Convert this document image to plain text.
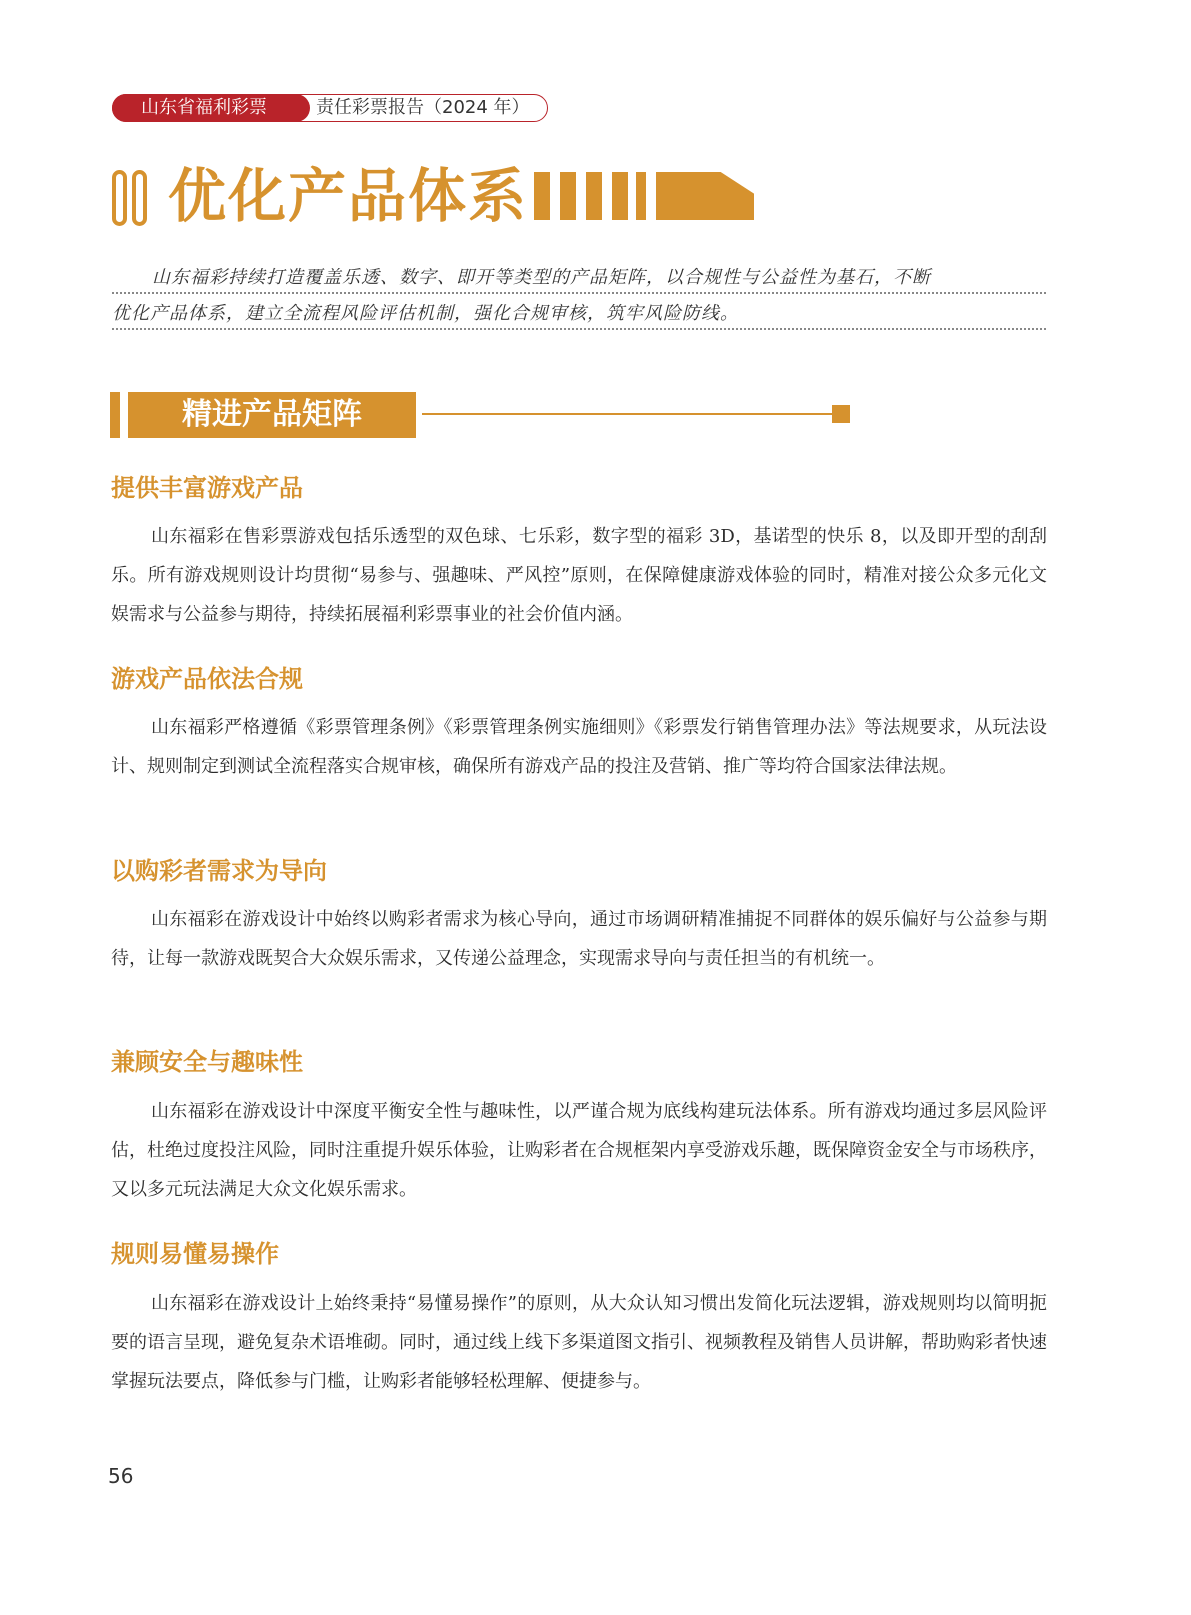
山东省福利彩票	责任彩票报告（2024 年）
优化产品体系

山东福彩持续打造覆盖乐透、数字、即开等类型的产品矩阵，以合规性与公益性为基石，不断

优化产品体系，建立全流程风险评估机制，强化合规审核，筑牢风险防线。

精进产品矩阵
提供丰富游戏产品

山东福彩在售彩票游戏包括乐透型的双色球、七乐彩，数字型的福彩 3D，基诺型的快乐 8，以及即开型的刮刮乐。所有游戏规则设计均贯彻“易参与、强趣味、严风控”原则，在保障健康游戏体验的同时，精准对接公众多元化文娱需求与公益参与期待，持续拓展福利彩票事业的社会价值内涵。

游戏产品依法合规

山东福彩严格遵循《彩票管理条例》《彩票管理条例实施细则》《彩票发行销售管理办法》等法规要求，从玩法设计、规则制定到测试全流程落实合规审核，确保所有游戏产品的投注及营销、推广等均符合国家法律法规。

以购彩者需求为导向

山东福彩在游戏设计中始终以购彩者需求为核心导向，通过市场调研精准捕捉不同群体的娱乐偏好与公益参与期待，让每一款游戏既契合大众娱乐需求，又传递公益理念，实现需求导向与责任担当的有机统一。

兼顾安全与趣味性

山东福彩在游戏设计中深度平衡安全性与趣味性，以严谨合规为底线构建玩法体系。所有游戏均通过多层风险评估，杜绝过度投注风险，同时注重提升娱乐体验，让购彩者在合规框架内享受游戏乐趣，既保障资金安全与市场秩序，又以多元玩法满足大众文化娱乐需求。

规则易懂易操作

山东福彩在游戏设计上始终秉持“易懂易操作”的原则，从大众认知习惯出发简化玩法逻辑，游戏规则均以简明扼要的语言呈现，避免复杂术语堆砌。同时，通过线上线下多渠道图文指引、视频教程及销售人员讲解，帮助购彩者快速掌握玩法要点，降低参与门槛，让购彩者能够轻松理解、便捷参与。

56
